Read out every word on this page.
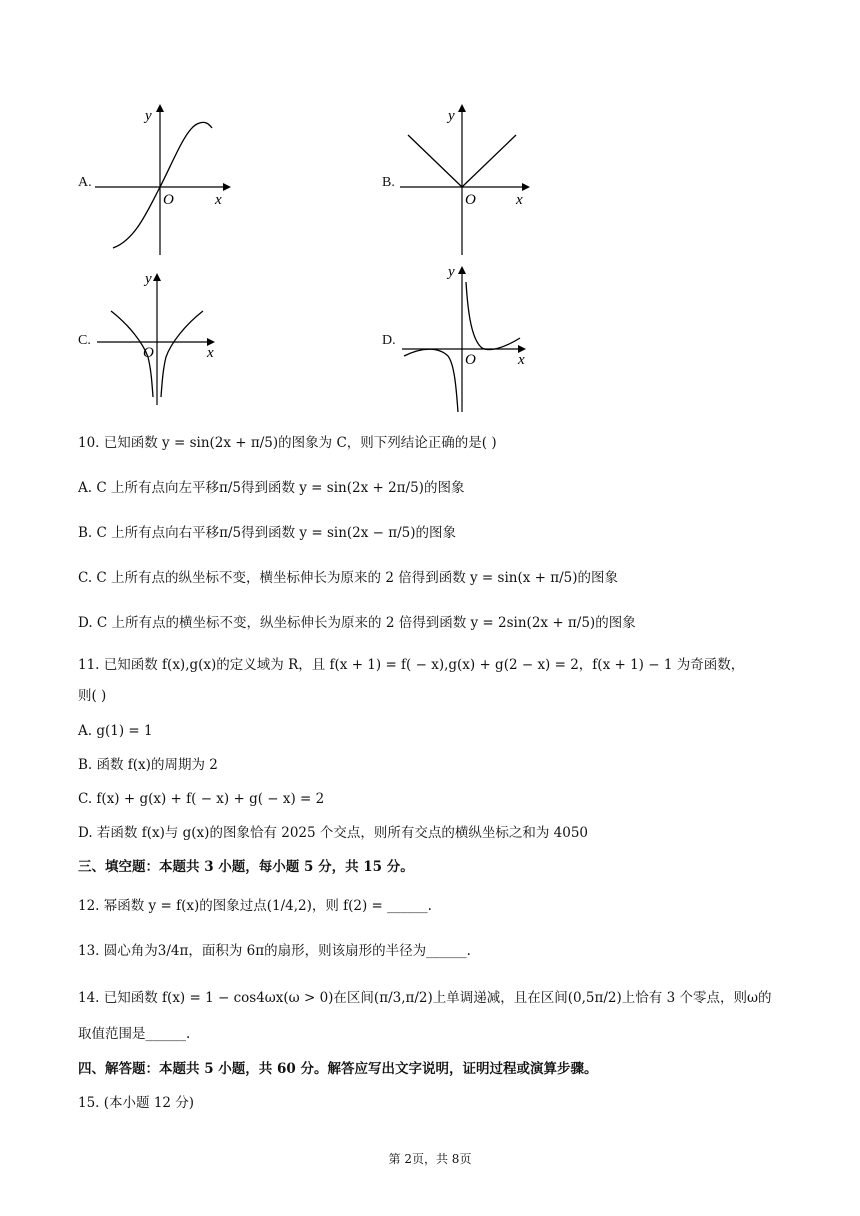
A.
y
x
O
B.
y
x
O
C.
y
x
O
D.
y
x
O
10. 已知函数 y = sin(2x + π/5)的图象为 C，则下列结论正确的是( )
A. C 上所有点向左平移π/5得到函数 y = sin(2x + 2π/5)的图象
B. C 上所有点向右平移π/5得到函数 y = sin(2x − π/5)的图象
C. C 上所有点的纵坐标不变，横坐标伸长为原来的 2 倍得到函数 y = sin(x + π/5)的图象
D. C 上所有点的横坐标不变，纵坐标伸长为原来的 2 倍得到函数 y = 2sin(2x + π/5)的图象
11. 已知函数 f(x),g(x)的定义域为 R，且 f(x + 1) = f( − x),g(x) + g(2 − x) = 2，f(x + 1) − 1 为奇函数，
则( )
A. g(1) = 1
B. 函数 f(x)的周期为 2
C. f(x) + g(x) + f( − x) + g( − x) = 2
D. 若函数 f(x)与 g(x)的图象恰有 2025 个交点，则所有交点的横纵坐标之和为 4050
三、填空题：本题共 3 小题，每小题 5 分，共 15 分。
12. 幂函数 y = f(x)的图象过点(1/4,2)，则 f(2) = ______.
13. 圆心角为3/4π，面积为 6π的扇形，则该扇形的半径为______.
14. 已知函数 f(x) = 1 − cos4ωx(ω > 0)在区间(π/3,π/2)上单调递减，且在区间(0,5π/2)上恰有 3 个零点，则ω的
取值范围是______.
四、解答题：本题共 5 小题，共 60 分。解答应写出文字说明，证明过程或演算步骤。
15. (本小题 12 分)
第 2页，共 8页
